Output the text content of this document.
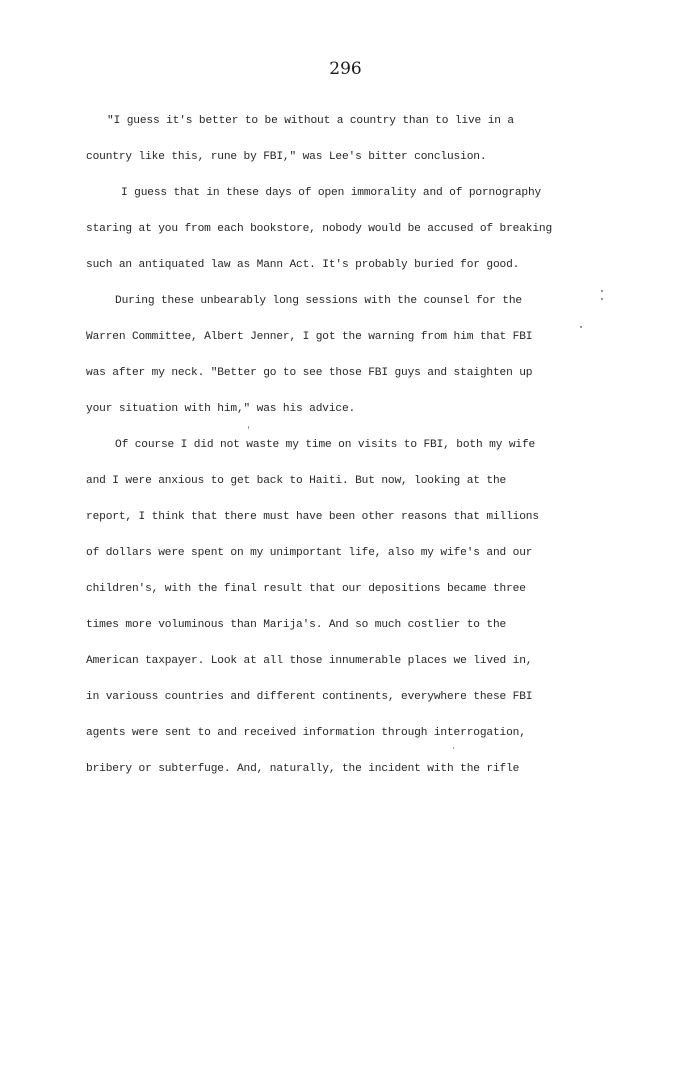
296
"I guess it's better to be without a country than to live in a
country like this, rune by FBI," was Lee's bitter conclusion.
I guess that in these days of open immorality and of pornography
staring at you from each bookstore, nobody would be accused of breaking
such an antiquated law as Mann Act. It's probably buried for good.
During these unbearably long sessions with the counsel for the
Warren Committee, Albert Jenner, I got the warning from him that FBI
was after my neck. "Better go to see those FBI guys and staighten up
your situation with him," was his advice.
Of course I did not waste my time on visits to FBI, both my wife
and I were anxious to get back to Haiti. But now, looking at the
report, I think that there must have been other reasons that millions
of dollars were spent on my unimportant life, also my wife's and our
children's, with the final result that our depositions became three
times more voluminous than Marija's. And so much costlier to the
American taxpayer. Look at all those innumerable places we lived in,
in variouss countries and different continents, everywhere these FBI
agents were sent to and received information through interrogation,
bribery or subterfuge. And, naturally, the incident with the rifle
